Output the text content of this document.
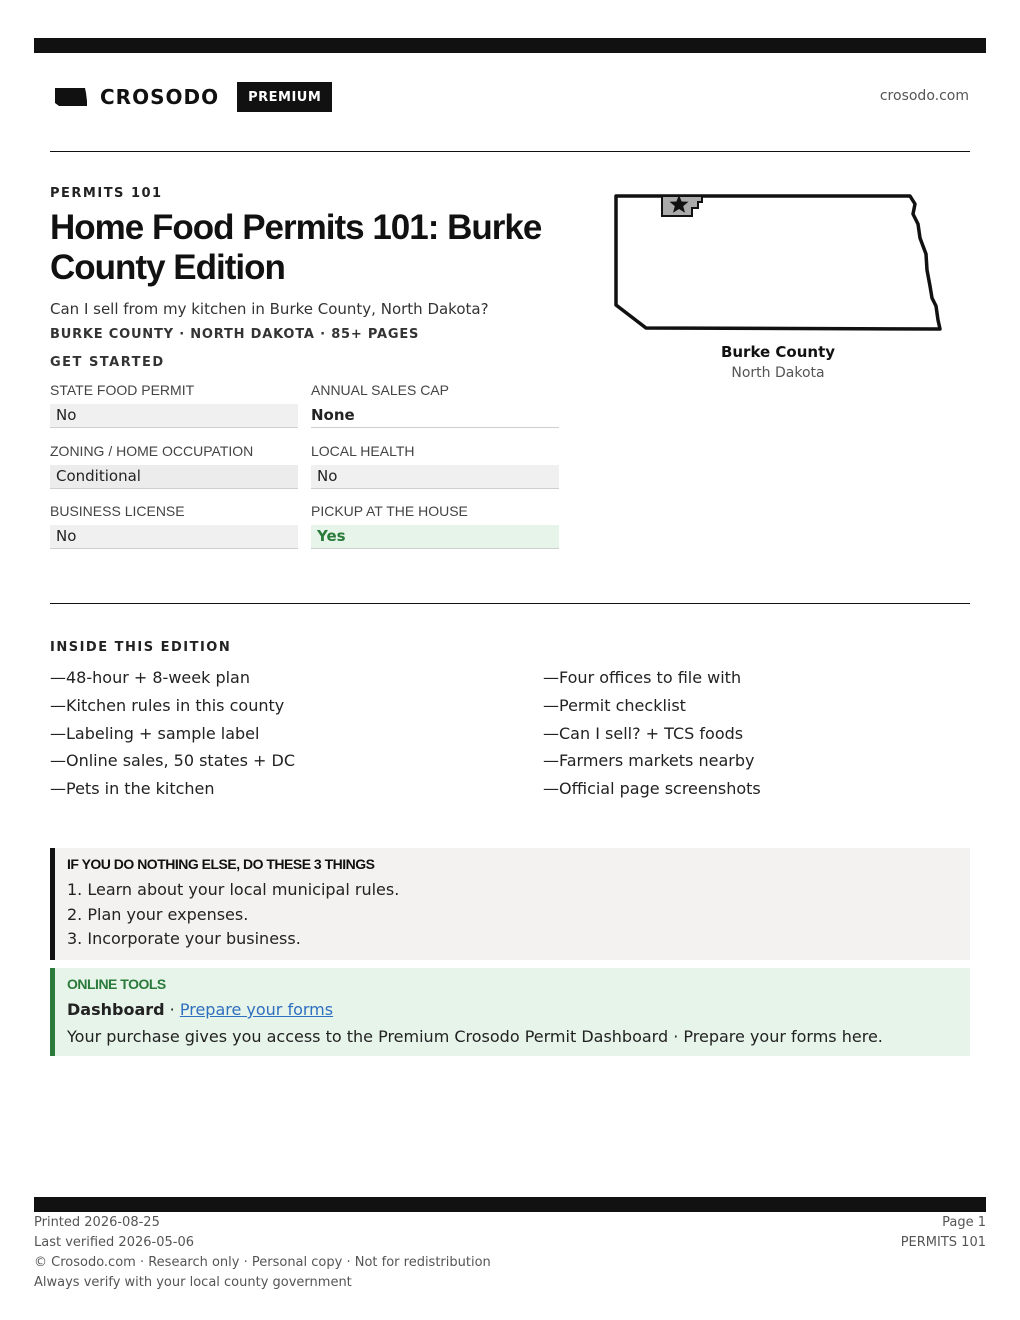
CROSODO	PREMIUM	crosodo.com
PERMITS 101
Home Food Permits 101: Burke County Edition
Can I sell from my kitchen in Burke County, North Dakota?
BURKE COUNTY · NORTH DAKOTA · 85+ PAGES
GET STARTED
STATE FOOD PERMIT
No
ANNUAL SALES CAP
None
ZONING / HOME OCCUPATION
Conditional
LOCAL HEALTH
No
BUSINESS LICENSE
No
PICKUP AT THE HOUSE
Yes
Burke County
North Dakota
INSIDE THIS EDITION
—48-hour + 8-week plan
—Kitchen rules in this county
—Labeling + sample label
—Online sales, 50 states + DC
—Pets in the kitchen
—Four offices to file with
—Permit checklist
—Can I sell? + TCS foods
—Farmers markets nearby
—Official page screenshots
IF YOU DO NOTHING ELSE, DO THESE 3 THINGS
1. Learn about your local municipal rules.
2. Plan your expenses.
3. Incorporate your business.
ONLINE TOOLS
Dashboard · Prepare your forms
Your purchase gives you access to the Premium Crosodo Permit Dashboard · Prepare your forms here.
Printed 2026-08-25
Last verified 2026-05-06
© Crosodo.com · Research only · Personal copy · Not for redistribution
Always verify with your local county government
Page 1
PERMITS 101
